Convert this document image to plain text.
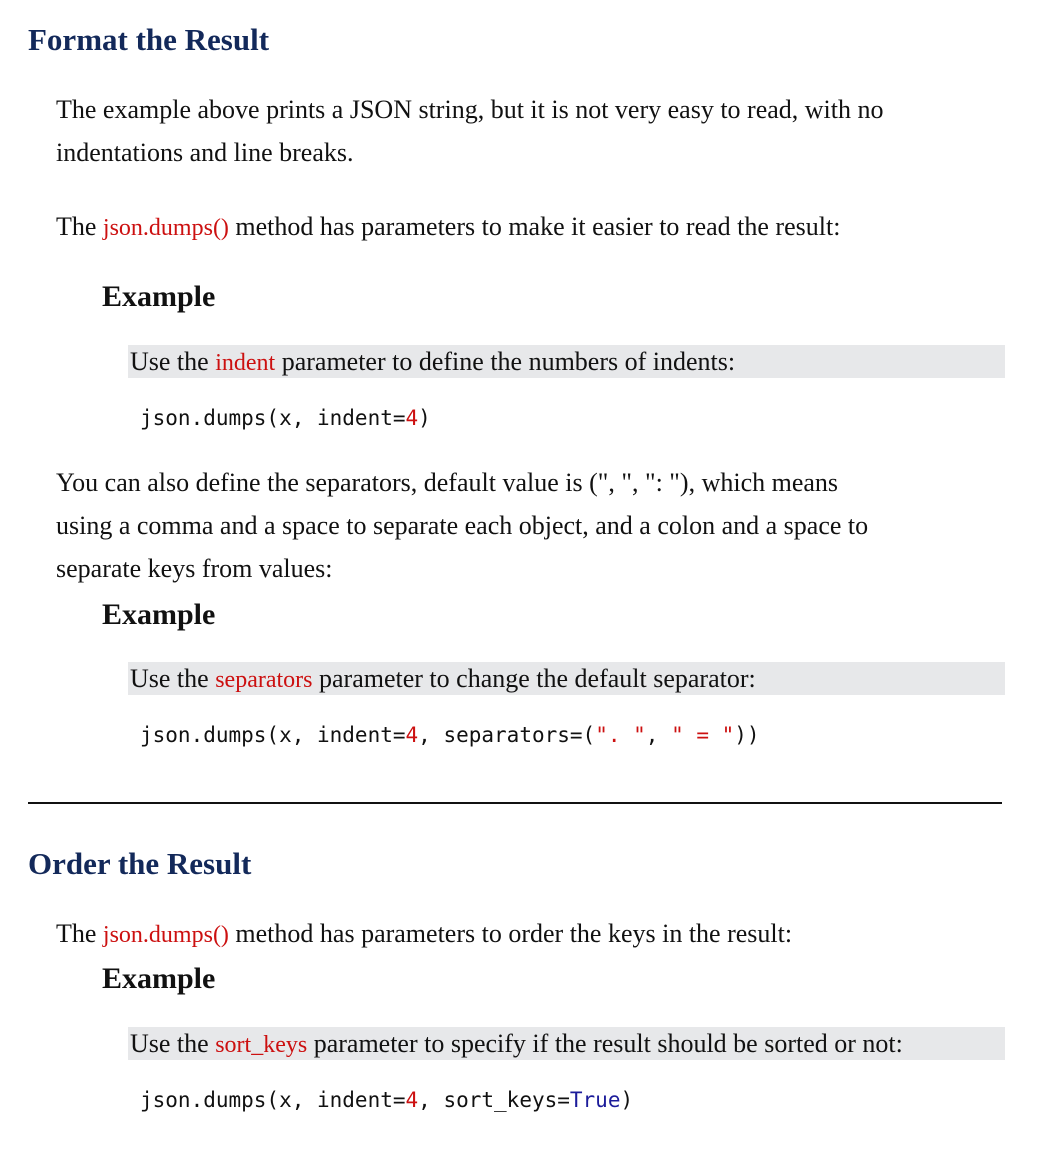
Format the Result
The example above prints a JSON string, but it is not very easy to read, with no
indentations and line breaks.
The json.dumps() method has parameters to make it easier to read the result:
Example
Use the indent parameter to define the numbers of indents:
json.dumps(x, indent=4)
You can also define the separators, default value is (", ", ": "), which means
using a comma and a space to separate each object, and a colon and a space to
separate keys from values:
Example
Use the separators parameter to change the default separator:
json.dumps(x, indent=4, separators=(". ", " = "))
Order the Result
The json.dumps() method has parameters to order the keys in the result:
Example
Use the sort_keys parameter to specify if the result should be sorted or not:
json.dumps(x, indent=4, sort_keys=True)
